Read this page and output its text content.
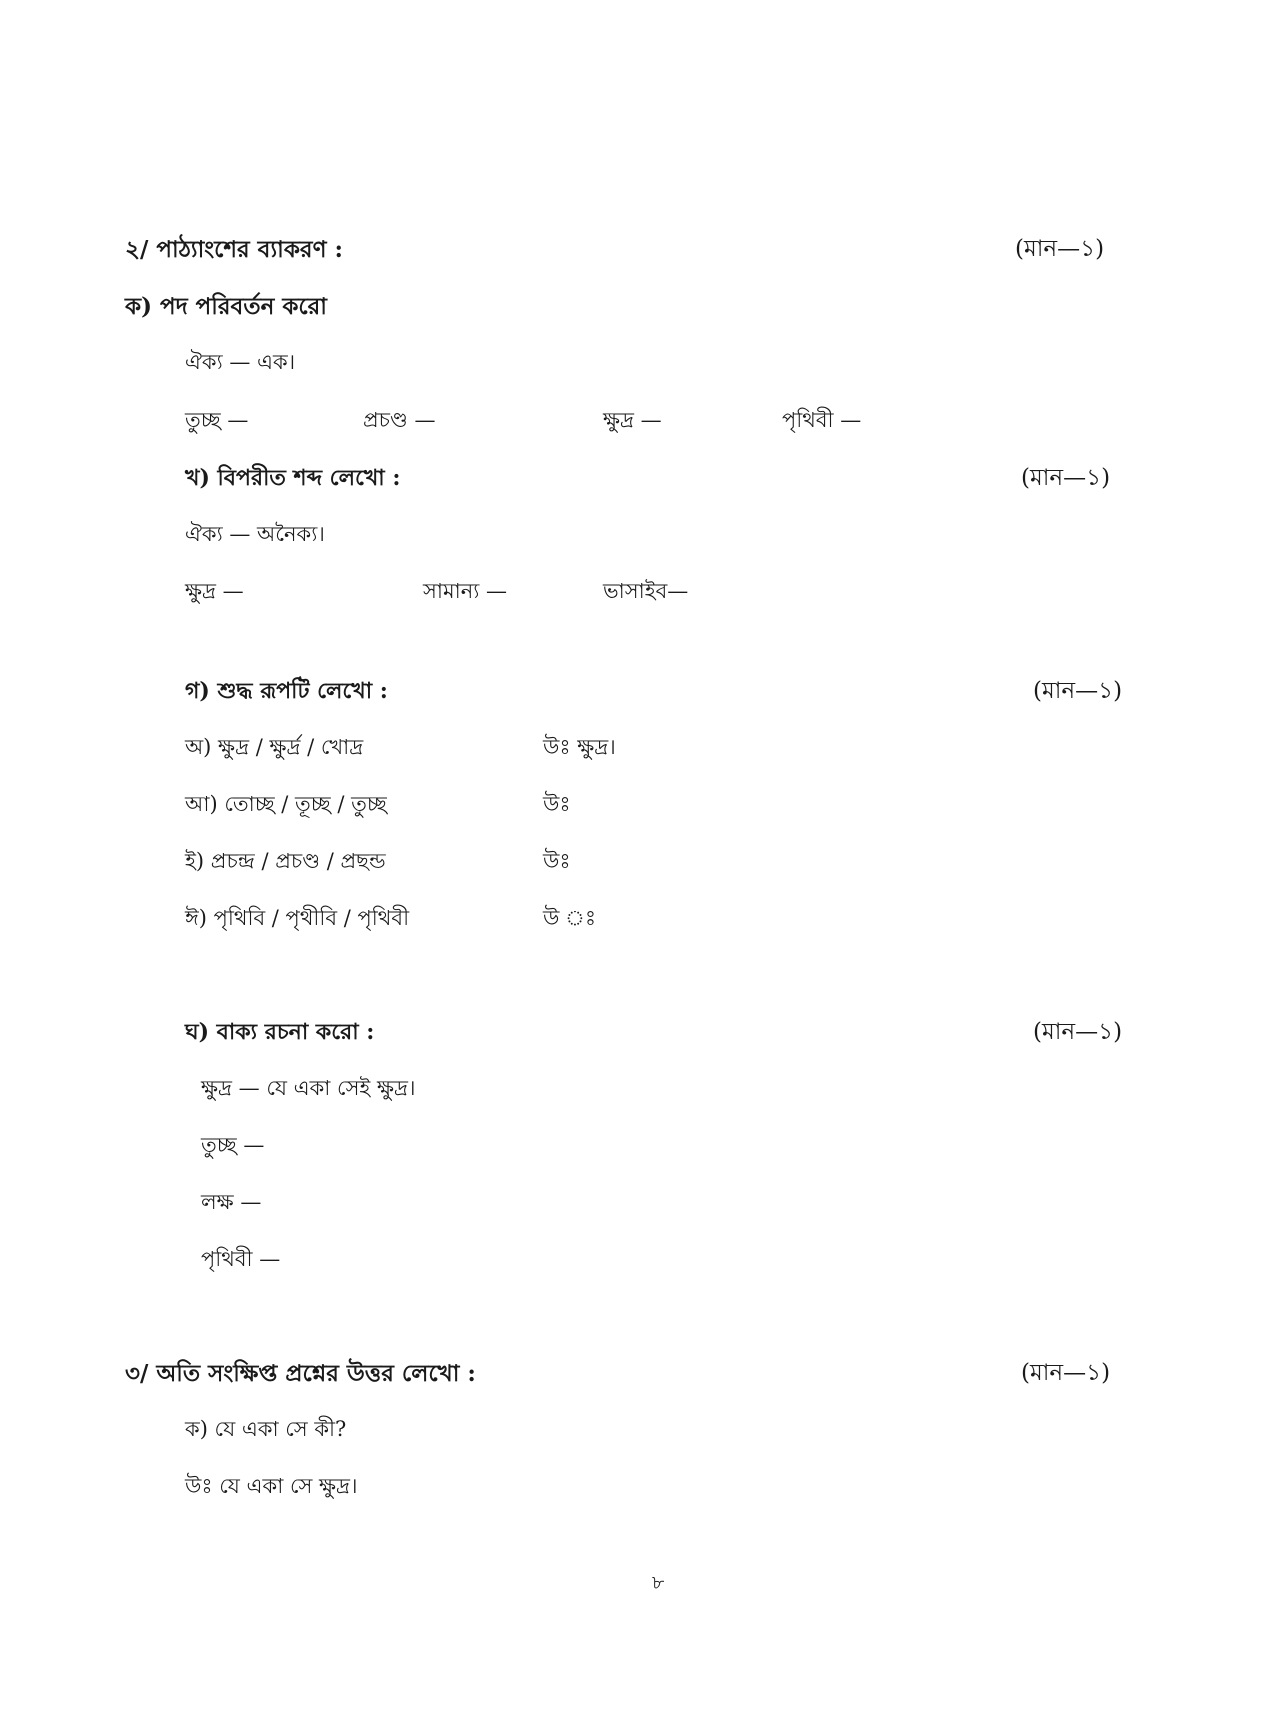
২/ পাঠ্যাংশের ব্যাকরণ :	(মান—১)
ক) পদ পরিবর্তন করো
ঐক্য — এক।
তুচ্ছ —	প্রচণ্ড —	ক্ষুদ্র —	পৃথিবী —
খ) বিপরীত শব্দ লেখো :	(মান—১)
ঐক্য — অনৈক্য।
ক্ষুদ্র —	সামান্য —	ভাসাইব—
গ) শুদ্ধ রূপটি লেখো :	(মান—১)
অ) ক্ষুদ্র / ক্ষুর্দ্র / খোদ্র	উঃ ক্ষুদ্র।
আ) তোচ্ছ / তূচ্ছ / তুচ্ছ	উঃ
ই) প্রচন্দ্র / প্রচণ্ড / প্রছন্ড	উঃ
ঈ) পৃথিবি / পৃথীবি / পৃথিবী	উ ঃ
ঘ) বাক্য রচনা করো :	(মান—১)
ক্ষুদ্র — যে একা সেই ক্ষুদ্র।
তুচ্ছ —
লক্ষ —
পৃথিবী —
৩/ অতি সংক্ষিপ্ত প্রশ্নের উত্তর লেখো :	(মান—১)
ক) যে একা সে কী?
উঃ যে একা সে ক্ষুদ্র।
৮
